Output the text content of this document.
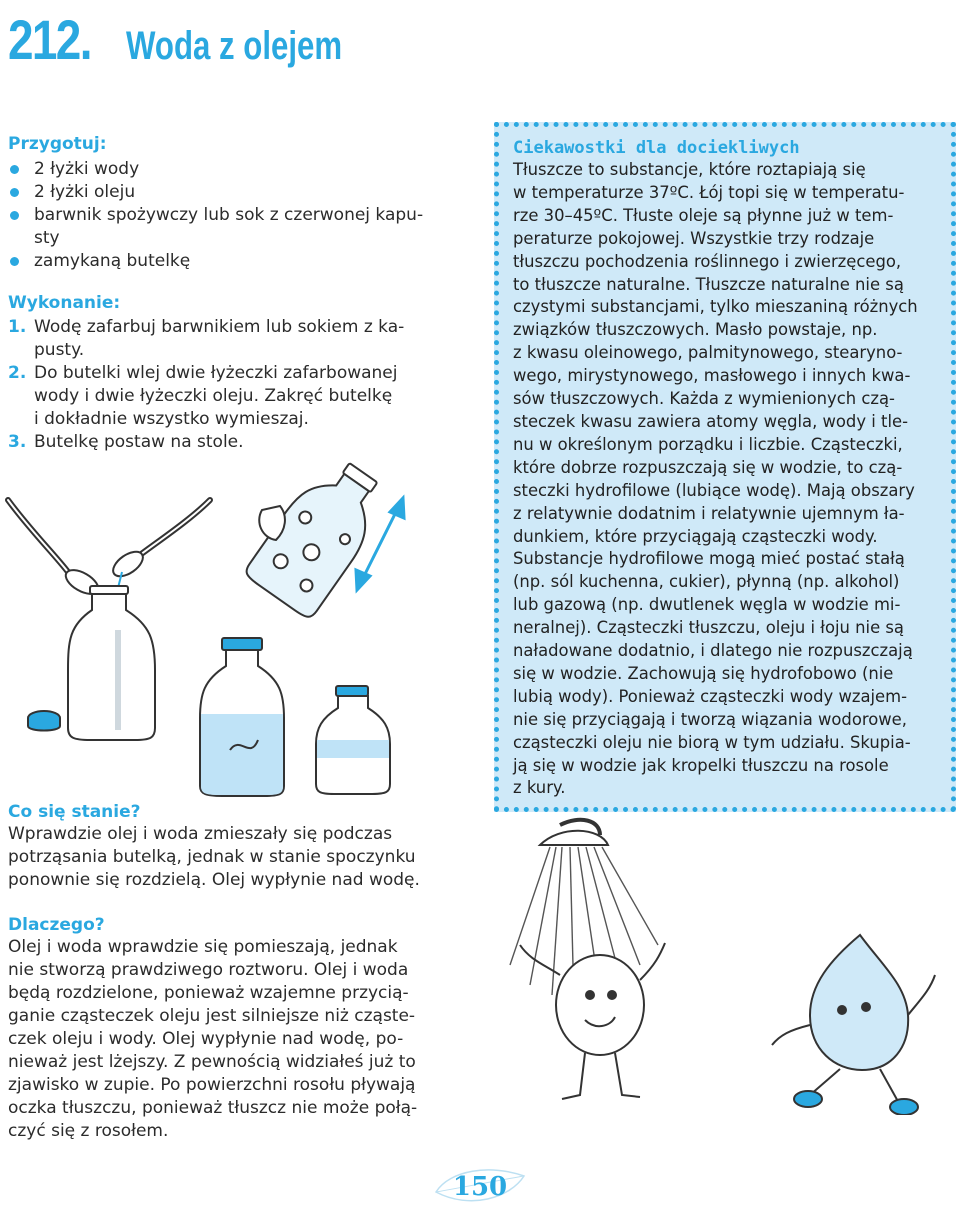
212. Woda z olejem
Przygotuj:
2 łyżki wody
2 łyżki oleju
barwnik spożywczy lub sok z czerwonej kapu-
sty
zamykaną butelkę
Wykonanie:
1. Wodę zafarbuj barwnikiem lub sokiem z ka-
pusty.
2. Do butelki wlej dwie łyżeczki zafarbowanej
wody i dwie łyżeczki oleju. Zakręć butelkę
i dokładnie wszystko wymieszaj.
3. Butelkę postaw na stole.
Co się stanie?
Wprawdzie olej i woda zmieszały się podczas
potrząsania butelką, jednak w stanie spoczynku
ponownie się rozdzielą. Olej wypłynie nad wodę.
Dlaczego?
Olej i woda wprawdzie się pomieszają, jednak
nie stworzą prawdziwego roztworu. Olej i woda
będą rozdzielone, ponieważ wzajemne przycią-
ganie cząsteczek oleju jest silniejsze niż cząste-
czek oleju i wody. Olej wypłynie nad wodę, po-
nieważ jest lżejszy. Z pewnością widziałeś już to
zjawisko w zupie. Po powierzchni rosołu pływają
oczka tłuszczu, ponieważ tłuszcz nie może połą-
czyć się z rosołem.
Ciekawostki dla dociekliwych
Tłuszcze to substancje, które roztapiają się
w temperaturze 37ºC. Łój topi się w temperatu-
rze 30–45ºC. Tłuste oleje są płynne już w tem-
peraturze pokojowej. Wszystkie trzy rodzaje
tłuszczu pochodzenia roślinnego i zwierzęcego,
to tłuszcze naturalne. Tłuszcze naturalne nie są
czystymi substancjami, tylko mieszaniną różnych
związków tłuszczowych. Masło powstaje, np.
z kwasu oleinowego, palmitynowego, stearyno-
wego, mirystynowego, masłowego i innych kwa-
sów tłuszczowych. Każda z wymienionych czą-
steczek kwasu zawiera atomy węgla, wody i tle-
nu w określonym porządku i liczbie. Cząsteczki,
które dobrze rozpuszczają się w wodzie, to czą-
steczki hydrofilowe (lubiące wodę). Mają obszary
z relatywnie dodatnim i relatywnie ujemnym ła-
dunkiem, które przyciągają cząsteczki wody.
Substancje hydrofilowe mogą mieć postać stałą
(np. sól kuchenna, cukier), płynną (np. alkohol)
lub gazową (np. dwutlenek węgla w wodzie mi-
neralnej). Cząsteczki tłuszczu, oleju i łoju nie są
naładowane dodatnio, i dlatego nie rozpuszczają
się w wodzie. Zachowują się hydrofobowo (nie
lubią wody). Ponieważ cząsteczki wody wzajem-
nie się przyciągają i tworzą wiązania wodorowe,
cząsteczki oleju nie biorą w tym udziału. Skupia-
ją się w wodzie jak kropelki tłuszczu na rosole
z kury.
150
